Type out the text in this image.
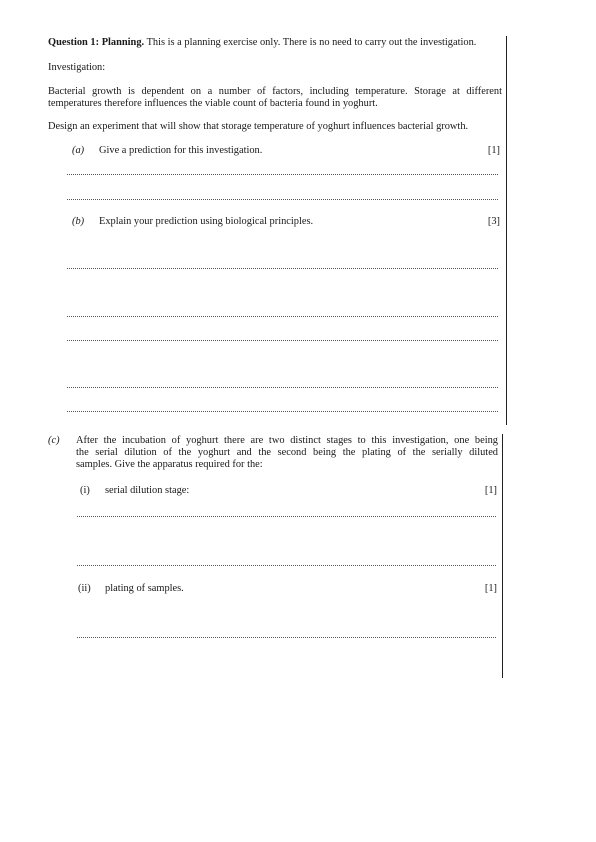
Question 1: Planning. This is a planning exercise only. There is no need to carry out the investigation.
Investigation:
Bacterial growth is dependent on a number of factors, including temperature. Storage at different
temperatures therefore influences the viable count of bacteria found in yoghurt.
Design an experiment that will show that storage temperature of yoghurt influences bacterial growth.
(a) Give a prediction for this investigation.	[1]
(b) Explain your prediction using biological principles.	[3]
(c) After the incubation of yoghurt there are two distinct stages to this investigation, one being
the serial dilution of the yoghurt and the second being the plating of the serially diluted
samples. Give the apparatus required for the:
(i) serial dilution stage:	[1]
(ii) plating of samples.	[1]
